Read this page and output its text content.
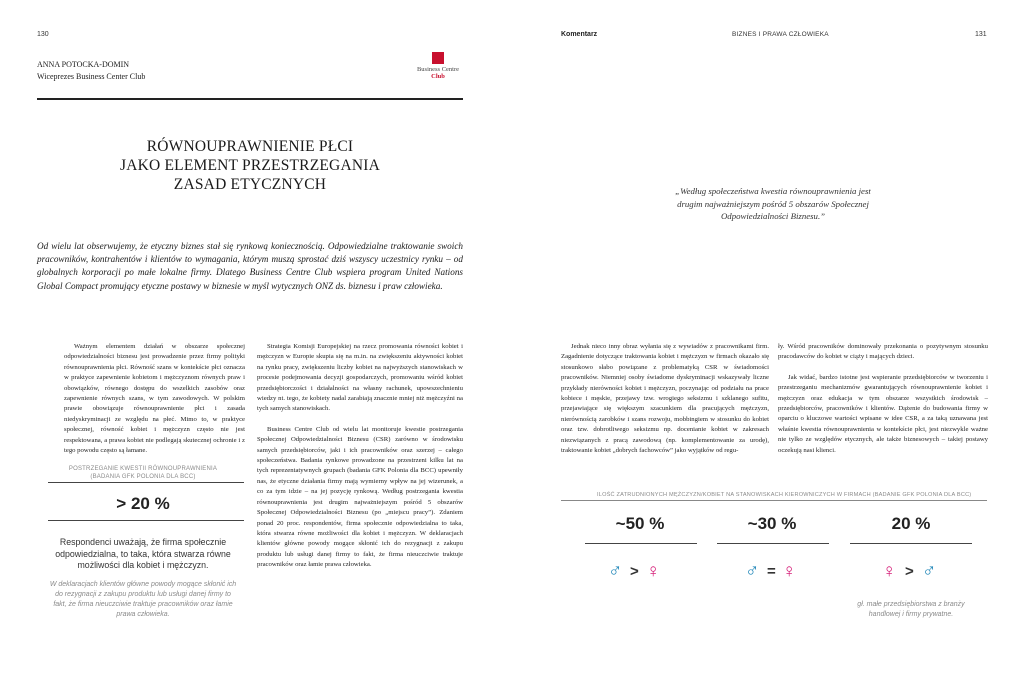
130
ANNA POTOCKA-DOMIN
Wiceprezes Business Center Club
Business Centre
Club
RÓWNOUPRAWNIENIE PŁCI
JAKO ELEMENT PRZESTRZEGANIA
ZASAD ETYCZNYCH
Od wielu lat obserwujemy, że etyczny biznes stał się rynkową koniecznością. Odpowiedzialne traktowanie swoich pracowników, kontrahentów i klientów to wymagania, którym muszą sprostać dziś wszyscy uczestnicy rynku – od globalnych korporacji po małe lokalne firmy. Dlatego Business Centre Club wspiera program United Nations Global Compact promujący etyczne postawy w biznesie w myśl wytycznych ONZ ds. biznesu i praw człowieka.

Ważnym elementem działań w obszarze społecznej odpowiedzialności biznesu jest prowadzenie przez firmy polityki równouprawnienia płci. Równość szans w kontekście płci oznacza w praktyce zapewnienie kobietom i mężczyznom równych praw i obowiązków, równego dostępu do wszelkich zasobów oraz zapewnienie równych szans, w tym zawodowych. W polskim prawie obowiązuje równouprawnienie płci i zasada niedyskryminacji ze względu na płeć. Mimo to, w praktyce społecznej, równość kobiet i mężczyzn często nie jest respektowana, a prawa kobiet nie podlegają skutecznej ochronie i z tego powodu często są łamane.

Strategia Komisji Europejskiej na rzecz promowania równości kobiet i mężczyzn w Europie skupia się na m.in. na zwiększeniu aktywności kobiet na rynku pracy, zwiększeniu liczby kobiet na najwyższych stanowiskach w procesie podejmowania decyzji gospodarczych, promowaniu wśród kobiet przedsiębiorczości i działalności na własny rachunek, upowszechnieniu wiedzy nt. tego, że kobiety nadal zarabiają znacznie mniej niż mężczyźni na tych samych stanowiskach.

Business Centre Club od wielu lat monitoruje kwestie postrzegania Społecznej Odpowiedzialności Biznesu (CSR) zarówno w środowisku samych przedsiębiorców, jaki i ich pracowników oraz szerzej – całego społeczeństwa. Badania rynkowe prowadzone na przestrzeni kilku lat na tych reprezentatywnych grupach (badania GFK Polonia dla BCC) upewniły nas, że etyczne działania firmy mają wymierny wpływ na jej wizerunek, a co za tym idzie – na jej pozycję rynkową. Według postrzegania kwestia równouprawnienia jest drugim najważniejszym pośród 5 obszarów Społecznej Odpowiedzialności Biznesu (po „miejscu pracy”). Zdaniem ponad 20 proc. respondentów, firma społecznie odpowiedzialna to taka, która stwarza równe możliwości dla kobiet i mężczyzn. W deklaracjach klientów główne powody mogące skłonić ich do rezygnacji z zakupu produktu lub usługi danej firmy to fakt, że firma nieuczciwie traktuje pracowników oraz łamie prawa człowieka.

POSTRZEGANIE KWESTII RÓWNOUPRAWNIENIA
(BADANIA GFK POLONIA DLA BCC)
> 20 %
Respondenci uważają, że firma społecznie odpowiedzialna, to taka, która stwarza równe możliwości dla kobiet i mężczyzn.
W deklaracjach klientów główne powody mogące skłonić ich do rezygnacji z zakupu produktu lub usługi danej firmy to fakt, że firma nieuczciwie traktuje pracowników oraz łamie prawa człowieka.
Komentarz	BIZNES I PRAWA CZŁOWIEKA	131
„Według społeczeństwa kwestia równouprawnienia jest drugim najważniejszym pośród 5 obszarów Społecznej Odpowiedzialności Biznesu.”

Jednak nieco inny obraz wyłania się z wywiadów z pracownikami firm. Zagadnienie dotyczące traktowania kobiet i mężczyzn w firmach okazało się stosunkowo słabo powiązane z problematyką CSR w świadomości pracowników. Niemniej osoby świadome dyskryminacji wskazywały liczne przykłady nierówności kobiet i mężczyzn, poczynając od podziału na prace kobiece i męskie, przejawy tzw. wrogiego seksizmu i szklanego sufitu, przejawiające się większym szacunkiem dla pracujących mężczyzn, nierównością zarobków i szans rozwoju, mobbingiem w stosunku do kobiet oraz tzw. dobrotliwego seksizmu np. docenianie kobiet w zakresach niezwiązanych z pracą zawodową (np. komplementowanie za urodę), traktowanie kobiet „dobrych fachowców” jako wyjątków od regu-

ły. Wśród pracowników dominowały przekonania o pozytywnym stosunku pracodawców do kobiet w ciąży i mających dzieci.

Jak widać, bardzo istotne jest wspieranie przedsiębiorców w tworzeniu i przestrzeganiu mechanizmów gwarantujących równouprawnienie kobiet i mężczyzn oraz edukacja w tym obszarze wszystkich środowisk – przedsiębiorców, pracowników i klientów. Dążenie do budowania firmy w oparciu o kluczowe wartości wpisane w idee CSR, a za taką uznawana jest właśnie kwestia równouprawnienia w kontekście płci, jest niezwykle ważne nie tylko ze względów etycznych, ale także biznesowych – takiej postawy oczekują nasi klienci.

ILOŚĆ ZATRUDNIONYCH MĘŻCZYZN/KOBIET NA STANOWISKACH KIEROWNICZYCH W FIRMACH (BADANIE GFK POLONIA DLA BCC)
~50 %
♂ > ♀
~30 %
♂ = ♀
20 %
♀ > ♂
gł. małe przedsiębiorstwa z branży handlowej i firmy prywatne.
